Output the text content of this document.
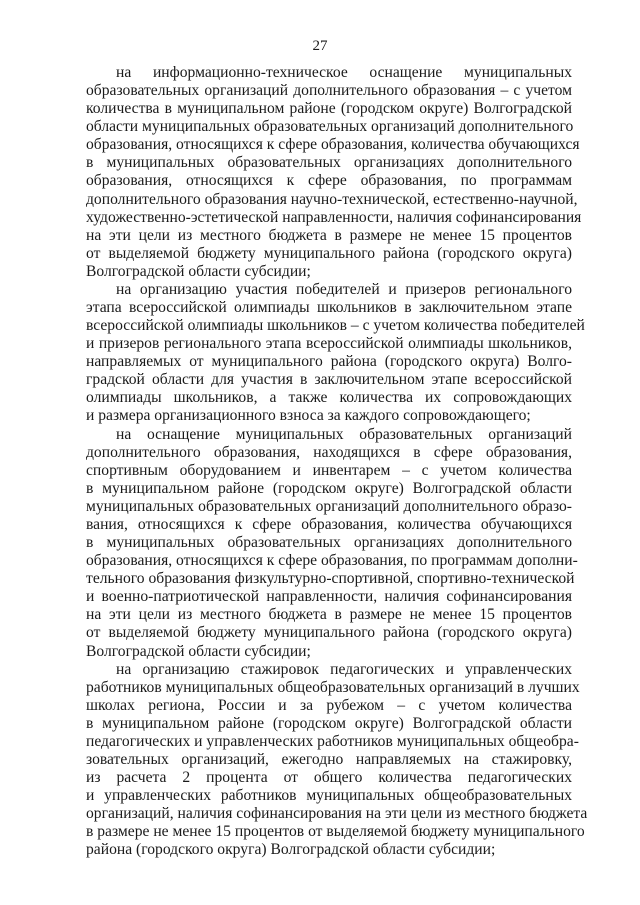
27
на информационно-техническое оснащение муниципальных
образовательных организаций дополнительного образования – с учетом
количества в муниципальном районе (городском округе) Волгоградской
области муниципальных образовательных организаций дополнительного
образования, относящихся к сфере образования, количества обучающихся
в муниципальных образовательных организациях дополнительного
образования, относящихся к сфере образования, по программам
дополнительного образования научно-технической, естественно-научной,
художественно-эстетической направленности, наличия софинансирования
на эти цели из местного бюджета в размере не менее 15 процентов
от выделяемой бюджету муниципального района (городского округа)
Волгоградской области субсидии;
на организацию участия победителей и призеров регионального
этапа всероссийской олимпиады школьников в заключительном этапе
всероссийской олимпиады школьников – с учетом количества победителей
и призеров регионального этапа всероссийской олимпиады школьников,
направляемых от муниципального района (городского округа) Волго-
градской области для участия в заключительном этапе всероссийской
олимпиады школьников, а также количества их сопровождающих
и размера организационного взноса за каждого сопровождающего;
на оснащение муниципальных образовательных организаций
дополнительного образования, находящихся в сфере образования,
спортивным оборудованием и инвентарем – с учетом количества
в муниципальном районе (городском округе) Волгоградской области
муниципальных образовательных организаций дополнительного образо-
вания, относящихся к сфере образования, количества обучающихся
в муниципальных образовательных организациях дополнительного
образования, относящихся к сфере образования, по программам дополни-
тельного образования физкультурно-спортивной, спортивно-технической
и военно-патриотической направленности, наличия софинансирования
на эти цели из местного бюджета в размере не менее 15 процентов
от выделяемой бюджету муниципального района (городского округа)
Волгоградской области субсидии;
на организацию стажировок педагогических и управленческих
работников муниципальных общеобразовательных организаций в лучших
школах региона, России и за рубежом – с учетом количества
в муниципальном районе (городском округе) Волгоградской области
педагогических и управленческих работников муниципальных общеобра-
зовательных организаций, ежегодно направляемых на стажировку,
из расчета 2 процента от общего количества педагогических
и управленческих работников муниципальных общеобразовательных
организаций, наличия софинансирования на эти цели из местного бюджета
в размере не менее 15 процентов от выделяемой бюджету муниципального
района (городского округа) Волгоградской области субсидии;
